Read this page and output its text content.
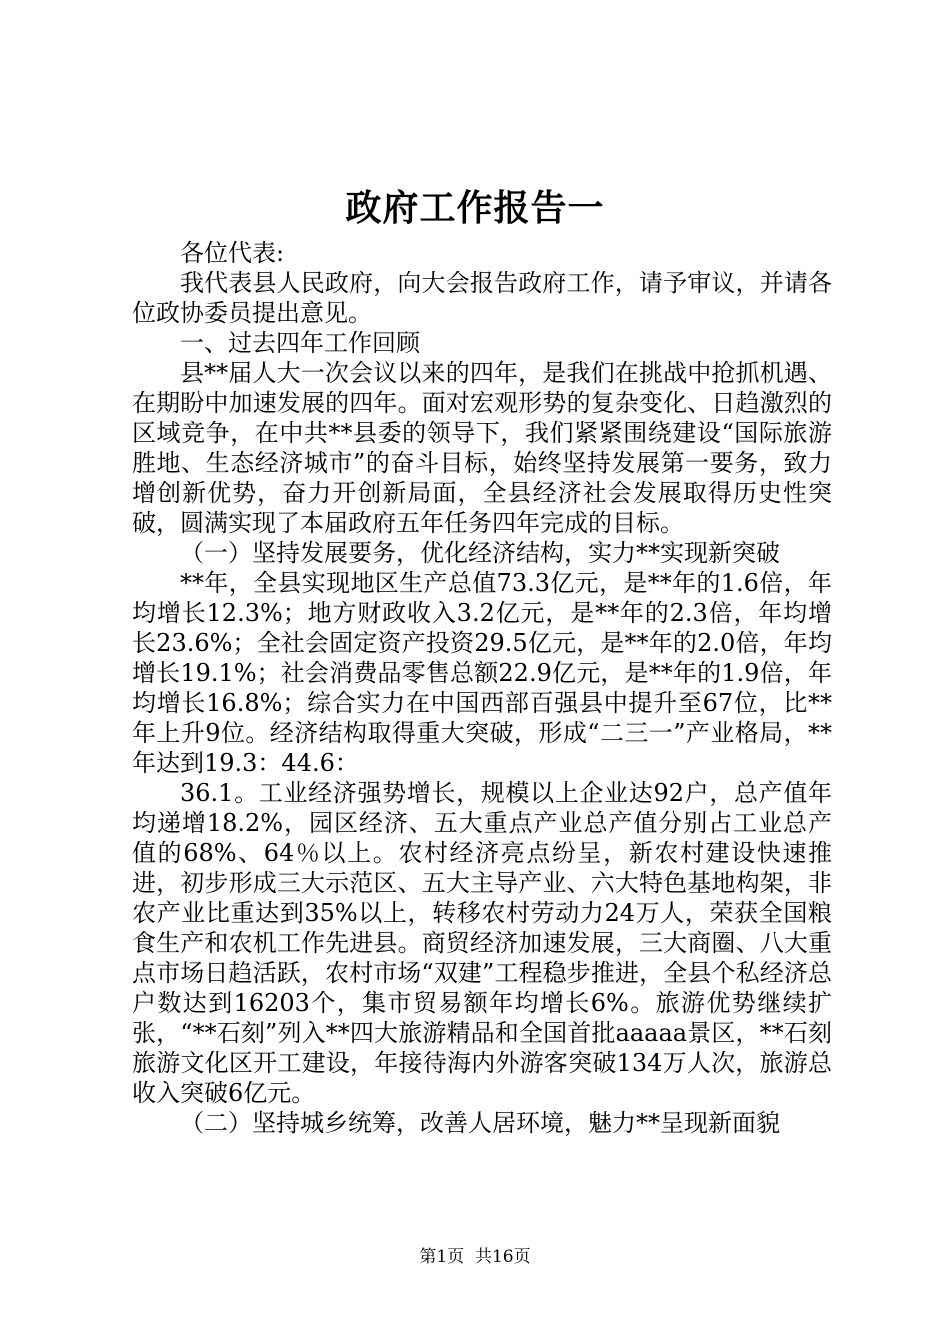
政府工作报告一

各位代表:

我代表县人民政府，向大会报告政府工作，请予审议，并请各位政协委员提出意见。

一、过去四年工作回顾

县**届人大一次会议以来的四年，是我们在挑战中抢抓机遇、在期盼中加速发展的四年。面对宏观形势的复杂变化、日趋激烈的区域竞争，在中共**县委的领导下，我们紧紧围绕建设“国际旅游胜地、生态经济城市”的奋斗目标，始终坚持发展第一要务，致力增创新优势，奋力开创新局面，全县经济社会发展取得历史性突破，圆满实现了本届政府五年任务四年完成的目标。

（一）坚持发展要务，优化经济结构，实力**实现新突破

**年，全县实现地区生产总值73.3亿元，是**年的1.6倍，年均增长12.3%；地方财政收入3.2亿元，是**年的2.3倍，年均增长23.6%；全社会固定资产投资29.5亿元，是**年的2.0倍，年均增长19.1%；社会消费品零售总额22.9亿元，是**年的1.9倍，年均增长16.8%；综合实力在中国西部百强县中提升至67位，比**年上升9位。经济结构取得重大突破，形成“二三一”产业格局，**年达到19.3：44.6：

36.1。工业经济强势增长，规模以上企业达92户，总产值年均递增18.2%，园区经济、五大重点产业总产值分别占工业总产值的68%、64％以上。农村经济亮点纷呈，新农村建设快速推进，初步形成三大示范区、五大主导产业、六大特色基地构架，非农产业比重达到35%以上，转移农村劳动力24万人，荣获全国粮食生产和农机工作先进县。商贸经济加速发展，三大商圈、八大重点市场日趋活跃，农村市场“双建”工程稳步推进，全县个私经济总户数达到16203个，集市贸易额年均增长6%。旅游优势继续扩张，“**石刻”列入**四大旅游精品和全国首批aaaaa景区，**石刻旅游文化区开工建设，年接待海内外游客突破134万人次，旅游总收入突破6亿元。

（二）坚持城乡统筹，改善人居环境，魅力**呈现新面貌

第1页  共16页
